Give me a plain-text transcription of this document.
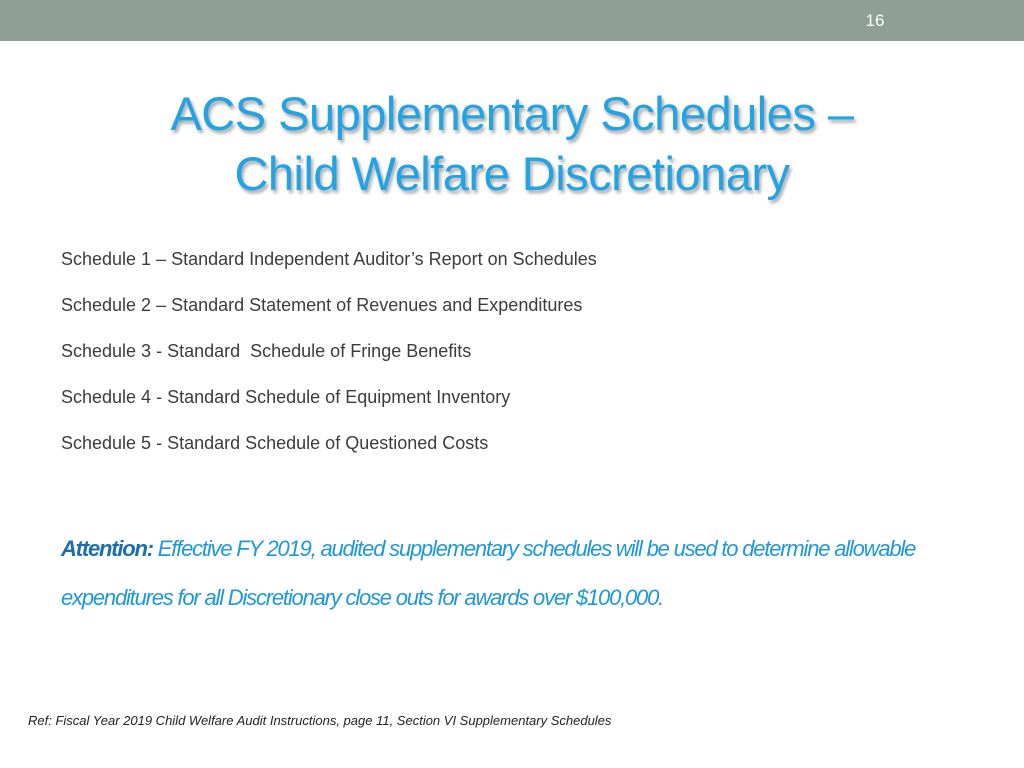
16
ACS Supplementary Schedules –
Child Welfare Discretionary
Schedule 1 – Standard Independent Auditor’s Report on Schedules
Schedule 2 – Standard Statement of Revenues and Expenditures
Schedule 3 - Standard  Schedule of Fringe Benefits
Schedule 4 - Standard Schedule of Equipment Inventory
Schedule 5 - Standard Schedule of Questioned Costs
Attention: Effective FY 2019, audited supplementary schedules will be used to determine allowable expenditures for all Discretionary close outs for awards over $100,000.
Ref: Fiscal Year 2019 Child Welfare Audit Instructions, page 11, Section VI Supplementary Schedules
